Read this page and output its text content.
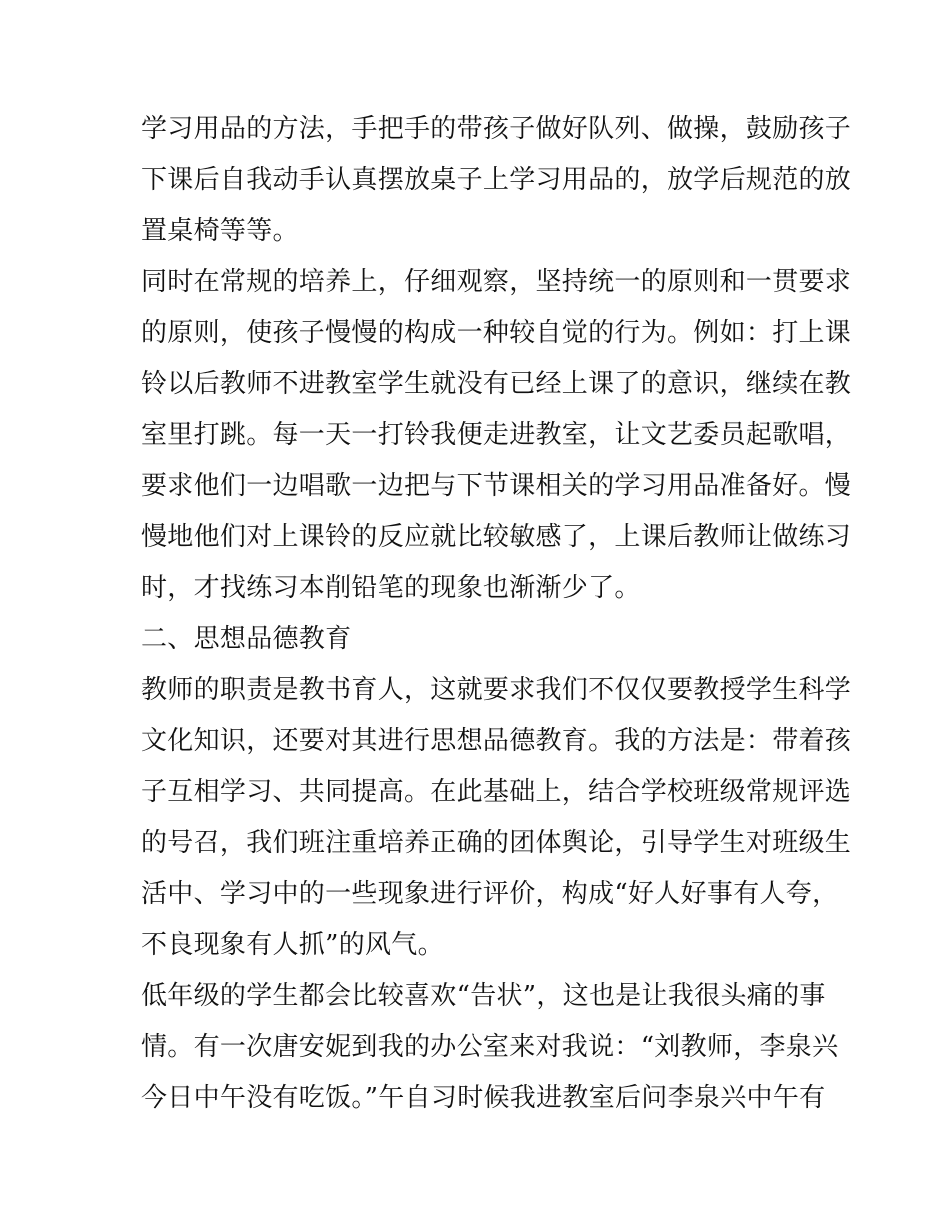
学习用品的方法，手把手的带孩子做好队列、做操，鼓励孩子
下课后自我动手认真摆放桌子上学习用品的，放学后规范的放
置桌椅等等。
同时在常规的培养上，仔细观察，坚持统一的原则和一贯要求
的原则，使孩子慢慢的构成一种较自觉的行为。例如：打上课
铃以后教师不进教室学生就没有已经上课了的意识，继续在教
室里打跳。每一天一打铃我便走进教室，让文艺委员起歌唱，
要求他们一边唱歌一边把与下节课相关的学习用品准备好。慢
慢地他们对上课铃的反应就比较敏感了，上课后教师让做练习
时，才找练习本削铅笔的现象也渐渐少了。
二、思想品德教育
教师的职责是教书育人，这就要求我们不仅仅要教授学生科学
文化知识，还要对其进行思想品德教育。我的方法是：带着孩
子互相学习、共同提高。在此基础上，结合学校班级常规评选
的号召，我们班注重培养正确的团体舆论，引导学生对班级生
活中、学习中的一些现象进行评价，构成“好人好事有人夸，
不良现象有人抓”的风气。
低年级的学生都会比较喜欢“告状”，这也是让我很头痛的事
情。有一次唐安妮到我的办公室来对我说：“刘教师，李泉兴
今日中午没有吃饭。”午自习时候我进教室后问李泉兴中午有
